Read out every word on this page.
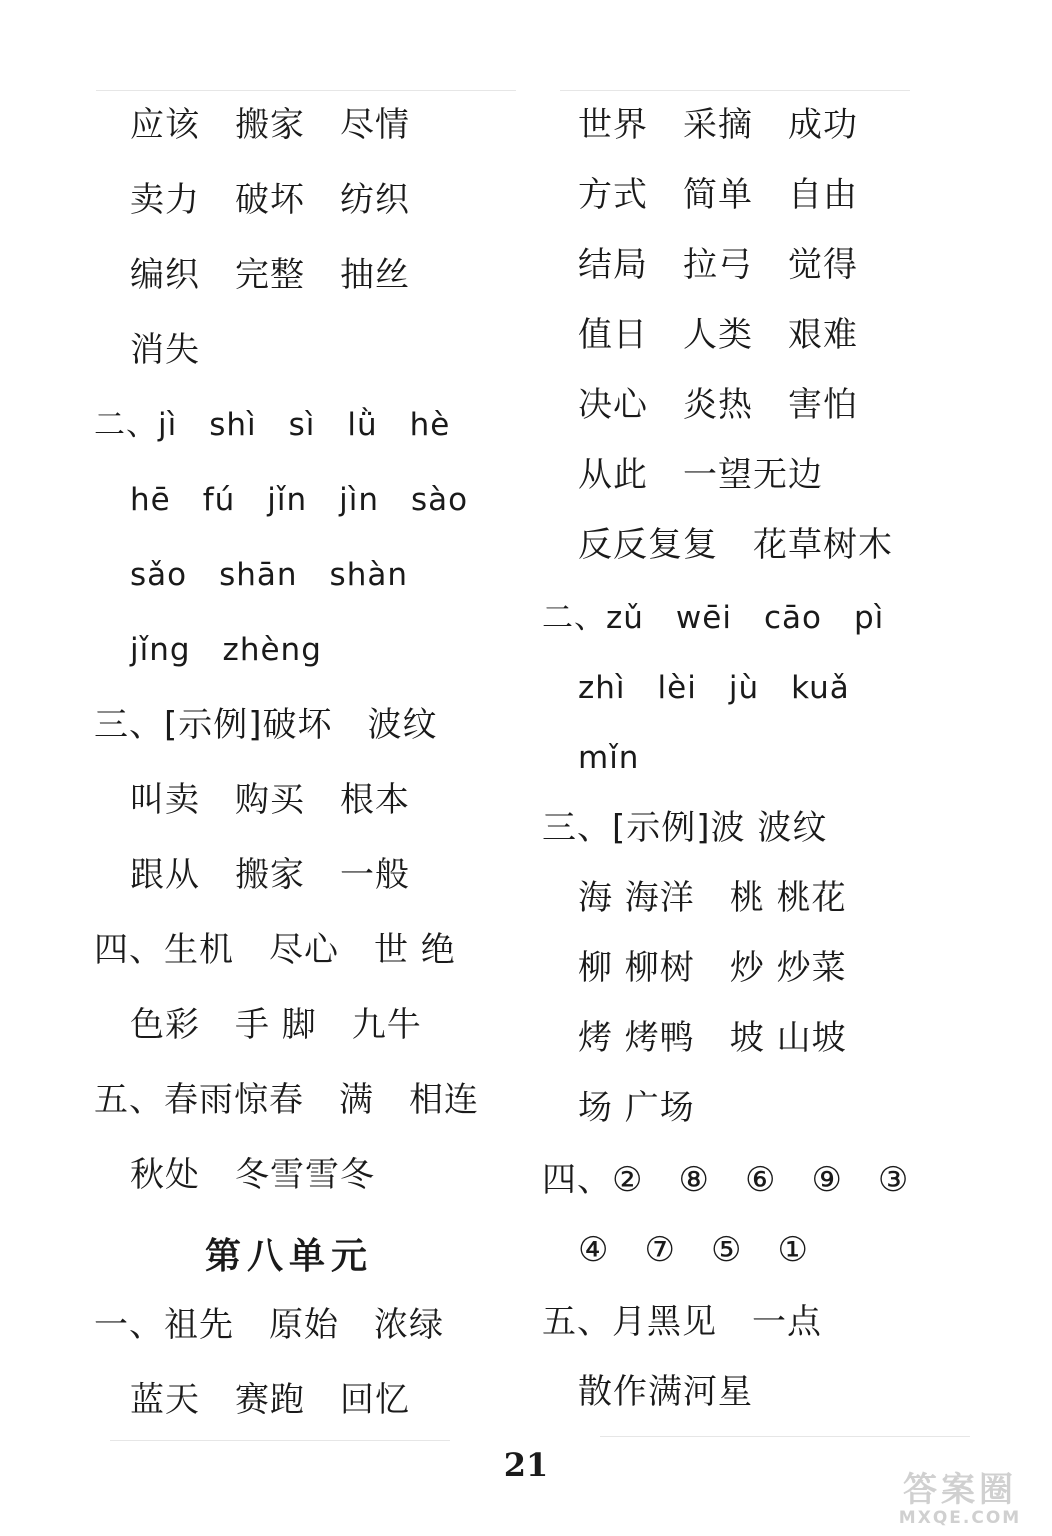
应该　搬家　尽情
卖力　破坏　纺织
编织　完整　抽丝
消失
二、jì　shì　sì　lǜ　hè
hē　fú　jǐn　jìn　sào
sǎo　shān　shàn
jǐng　zhèng
三、[示例]破坏　波纹
叫卖　购买　根本
跟从　搬家　一般
四、生机　尽心　世 绝
色彩　手 脚　九牛
五、春雨惊春　满　相连
秋处　冬雪雪冬
第八单元
一、祖先　原始　浓绿
蓝天　赛跑　回忆
世界　采摘　成功
方式　简单　自由
结局　拉弓　觉得
值日　人类　艰难
决心　炎热　害怕
从此　一望无边
反反复复　花草树木
二、zǔ　wēi　cāo　pì
zhì　lèi　jù　kuǎ
mǐn
三、[示例]波 波纹
海 海洋　桃 桃花
柳 柳树　炒 炒菜
烤 烤鸭　坡 山坡
场 广场
四、②　⑧　⑥　⑨　③
④　⑦　⑤　①
五、月黑见　一点
散作满河星
21
答案圈
MXQE.COM
